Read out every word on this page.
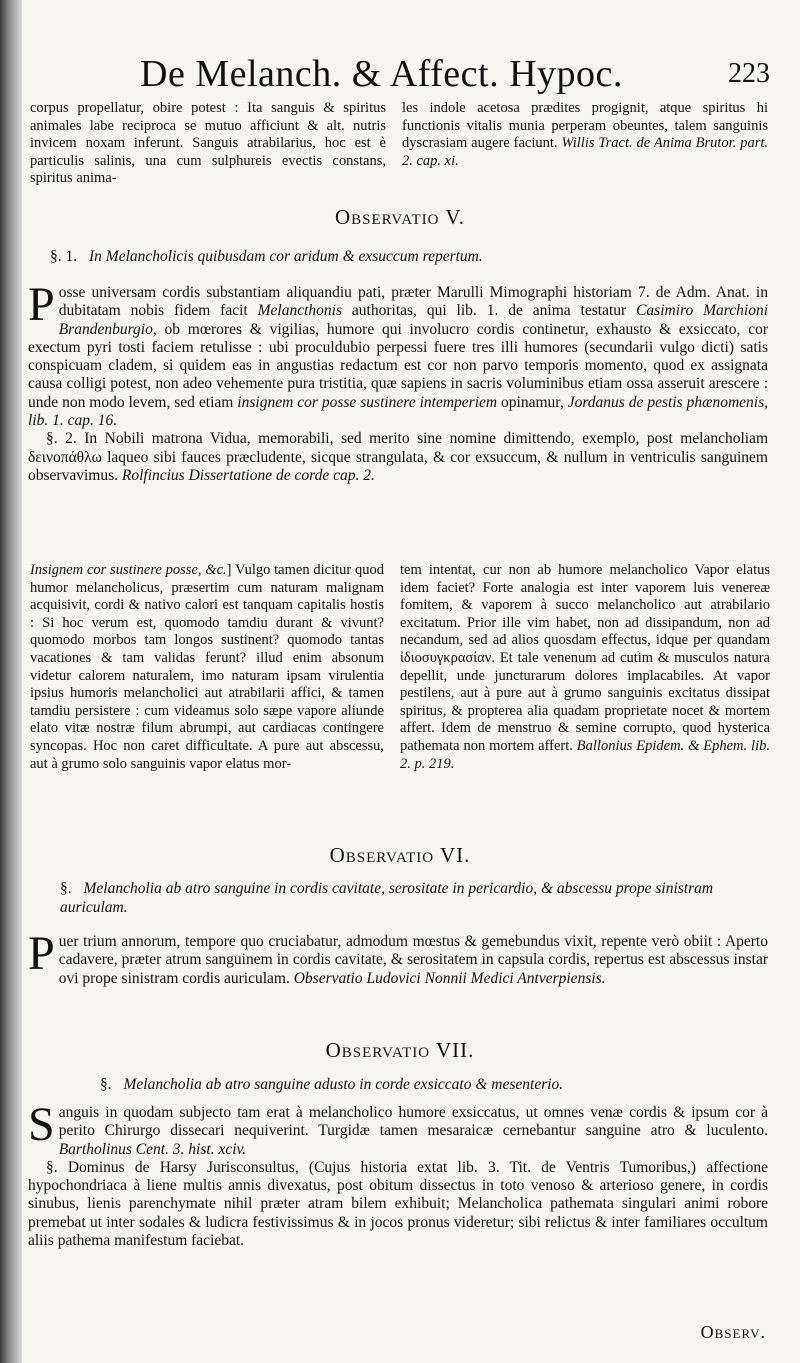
De Melanch. & Affect. Hypoc.	223

corpus propellatur, obire potest : Ita sanguis & spiritus animales labe reciproca se mutuo afficiunt & alt. nutris invicem noxam inferunt. Sanguis atrabilarius, hoc est è particulis salinis, una cum sulphureis evectis constans, spiritus anima-

les indole acetosa prædites progignit, atque spiritus hi functionis vitalis munia perperam obeuntes, talem sanguinis dyscrasiam augere faciunt. Willis Tract. de Anima Brutor. part. 2. cap. xi.

Observatio V.
§. 1. In Melancholicis quibusdam cor aridum & exsuccum repertum.

P osse universam cordis substantiam aliquandiu pati, præter Marulli Mimographi historiam 7. de Adm. Anat. in dubitatam nobis fidem facit Melancthonis authoritas, qui lib. 1. de anima testatur Casimiro Marchioni Brandenburgio, ob mœrores & vigilias, humore qui involucro cordis continetur, exhausto & exsiccato, cor exectum pyri tosti faciem retulisse : ubi proculdubio perpessi fuere tres illi humores (secundarii vulgo dicti) satis conspicuam cladem, si quidem eas in angustias redactum est cor non parvo temporis momento, quod ex assignata causa colligi potest, non adeo vehemente pura tristitia, quæ sapiens in sacris voluminibus etiam ossa asseruit arescere : unde non modo levem, sed etiam insignem cor posse sustinere intemperiem opinamur, Jordanus de pestis phænomenis, lib. 1. cap. 16.

§. 2. In Nobili matrona Vidua, memorabili, sed merito sine nomine dimittendo, exemplo, post melancholiam δεινοπάθλω laqueo sibi fauces præcludente, sicque strangulata, & cor exsuccum, & nullum in ventriculis sanguinem observavimus. Rolfincius Dissertatione de corde cap. 2.

Insignem cor sustinere posse, &c.] Vulgo tamen dicitur quod humor melancholicus, præsertim cum naturam malignam acquisivit, cordi & nativo calori est tanquam capitalis hostis : Si hoc verum est, quomodo tamdiu durant & vivunt? quomodo morbos tam longos sustinent? quomodo tantas vacationes & tam validas ferunt? illud enim absonum videtur calorem naturalem, imo naturam ipsam virulentia ipsius humoris melancholici aut atrabilarii affici, & tamen tamdiu persistere : cum videamus solo sæpe vapore aliunde elato vitæ nostræ filum abrumpi, aut cardiacas contingere syncopas. Hoc non caret difficultate. A pure aut abscessu, aut à grumo solo sanguinis vapor elatus mor-

tem intentat, cur non ab humore melancholico Vapor elatus idem faciet? Forte analogia est inter vaporem luis venereæ fomitem, & vaporem à succo melancholico aut atrabilario excitatum. Prior ille vim habet, non ad dissipandum, non ad necandum, sed ad alios quosdam effectus, idque per quandam ἰδιοσυγκρασίαν. Et tale venenum ad cutim & musculos natura depellit, unde juncturarum dolores implacabiles. At vapor pestilens, aut à pure aut à grumo sanguinis excitatus dissipat spiritus, & propterea alia quadam proprietate nocet & mortem affert. Idem de menstruo & semine corrupto, quod hysterica pathemata non mortem affert. Ballonius Epidem. & Ephem. lib. 2. p. 219.

Observatio VI.
§. Melancholia ab atro sanguine in cordis cavitate, serositate in pericardio, & abscessu prope sinistram auriculam.

P uer trium annorum, tempore quo cruciabatur, admodum mœstus & gemebundus vixit, repente verò obiit : Aperto cadavere, præter atrum sanguinem in cordis cavitate, & serositatem in capsula cordis, repertus est abscessus instar ovi prope sinistram cordis auriculam. Observatio Ludovici Nonnii Medici Antverpiensis.

Observatio VII.
§. Melancholia ab atro sanguine adusto in corde exsiccato & mesenterio.

S anguis in quodam subjecto tam erat à melancholico humore exsiccatus, ut omnes venæ cordis & ipsum cor à perito Chirurgo dissecari nequiverint. Turgidæ tamen mesaraicæ cernebantur sanguine atro & luculento. Bartholinus Cent. 3. hist. xciv.

§. Dominus de Harsy Jurisconsultus, (Cujus historia extat lib. 3. Tit. de Ventris Tumoribus,) affectione hypochondriaca à liene multis annis divexatus, post obitum dissectus in toto venoso & arterioso genere, in cordis sinubus, lienis parenchymate nihil præter atram bilem exhibuit; Melancholica pathemata singulari animi robore premebat ut inter sodales & ludicra festivissimus & in jocos pronus videretur; sibi relictus & inter familiares occultum aliis pathema manifestum faciebat.

Observ.
